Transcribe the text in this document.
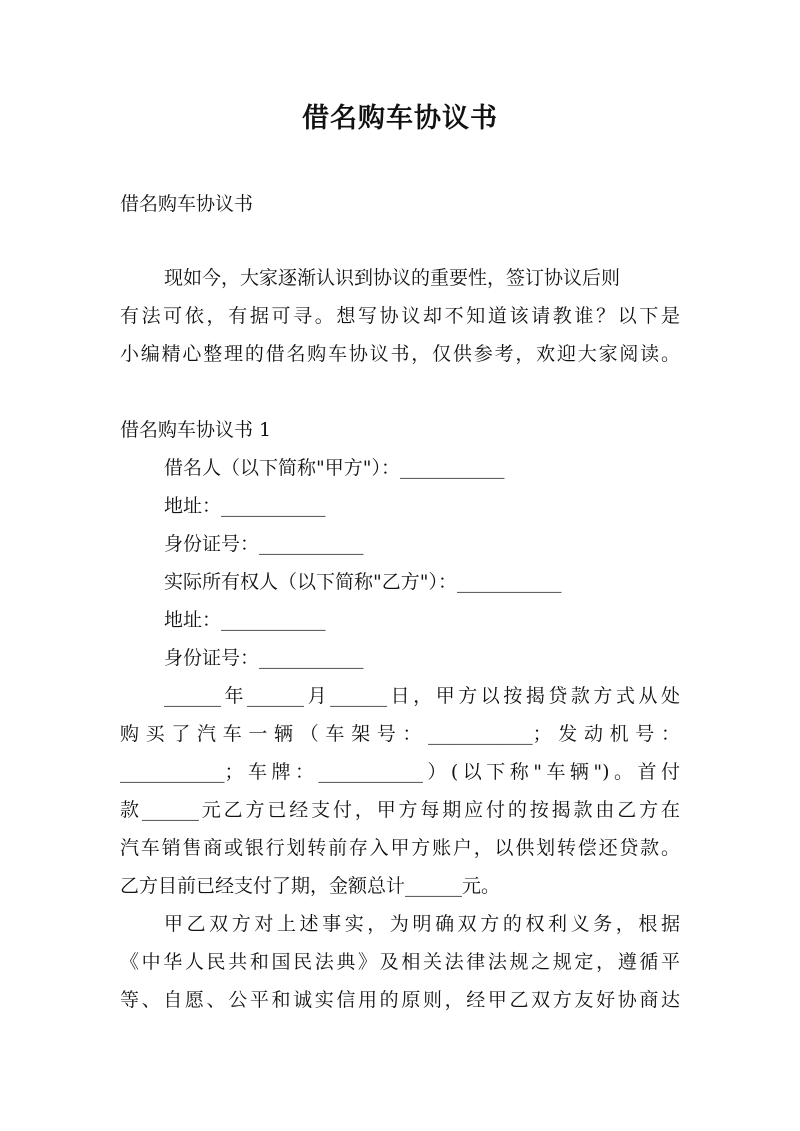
借名购车协议书
借名购车协议书
现如今，大家逐渐认识到协议的重要性，签订协议后则
有法可依，有据可寻。想写协议却不知道该请教谁？以下是
小编精心整理的借名购车协议书，仅供参考，欢迎大家阅读。
借名购车协议书 1
借名人（以下简称"甲方"）：___________
地址：___________
身份证号：___________
实际所有权人（以下简称"乙方"）：___________
地址：___________
身份证号：___________
______年______月______日，甲方以按揭贷款方式从处
购买了汽车一辆（车架号：___________；发动机号：
___________；车牌：___________）(以下称"车辆")。首付
款______元乙方已经支付，甲方每期应付的按揭款由乙方在
汽车销售商或银行划转前存入甲方账户，以供划转偿还贷款。
乙方目前已经支付了期，金额总计______元。
甲乙双方对上述事实，为明确双方的权利义务，根据
《中华人民共和国民法典》及相关法律法规之规定，遵循平
等、自愿、公平和诚实信用的原则，经甲乙双方友好协商达
